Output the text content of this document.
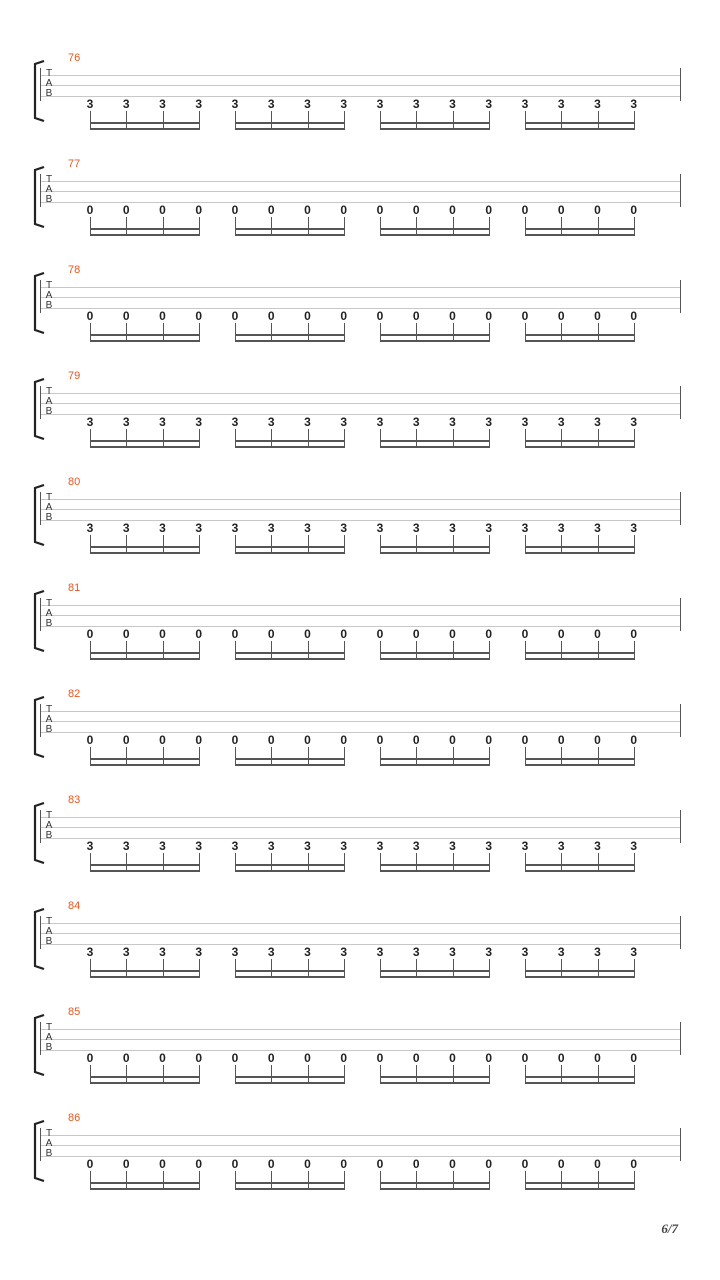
76
T
A
B
3	3	3	3	3	3	3	3	3	3	3	3	3	3	3	3
77
T
A
B
0	0	0	0	0	0	0	0	0	0	0	0	0	0	0	0
78
T
A
B
0	0	0	0	0	0	0	0	0	0	0	0	0	0	0	0
79
T
A
B
3	3	3	3	3	3	3	3	3	3	3	3	3	3	3	3
80
T
A
B
3	3	3	3	3	3	3	3	3	3	3	3	3	3	3	3
81
T
A
B
0	0	0	0	0	0	0	0	0	0	0	0	0	0	0	0
82
T
A
B
0	0	0	0	0	0	0	0	0	0	0	0	0	0	0	0
83
T
A
B
3	3	3	3	3	3	3	3	3	3	3	3	3	3	3	3
84
T
A
B
3	3	3	3	3	3	3	3	3	3	3	3	3	3	3	3
85
T
A
B
0	0	0	0	0	0	0	0	0	0	0	0	0	0	0	0
86
T
A
B
0	0	0	0	0	0	0	0	0	0	0	0	0	0	0	0
6/7
